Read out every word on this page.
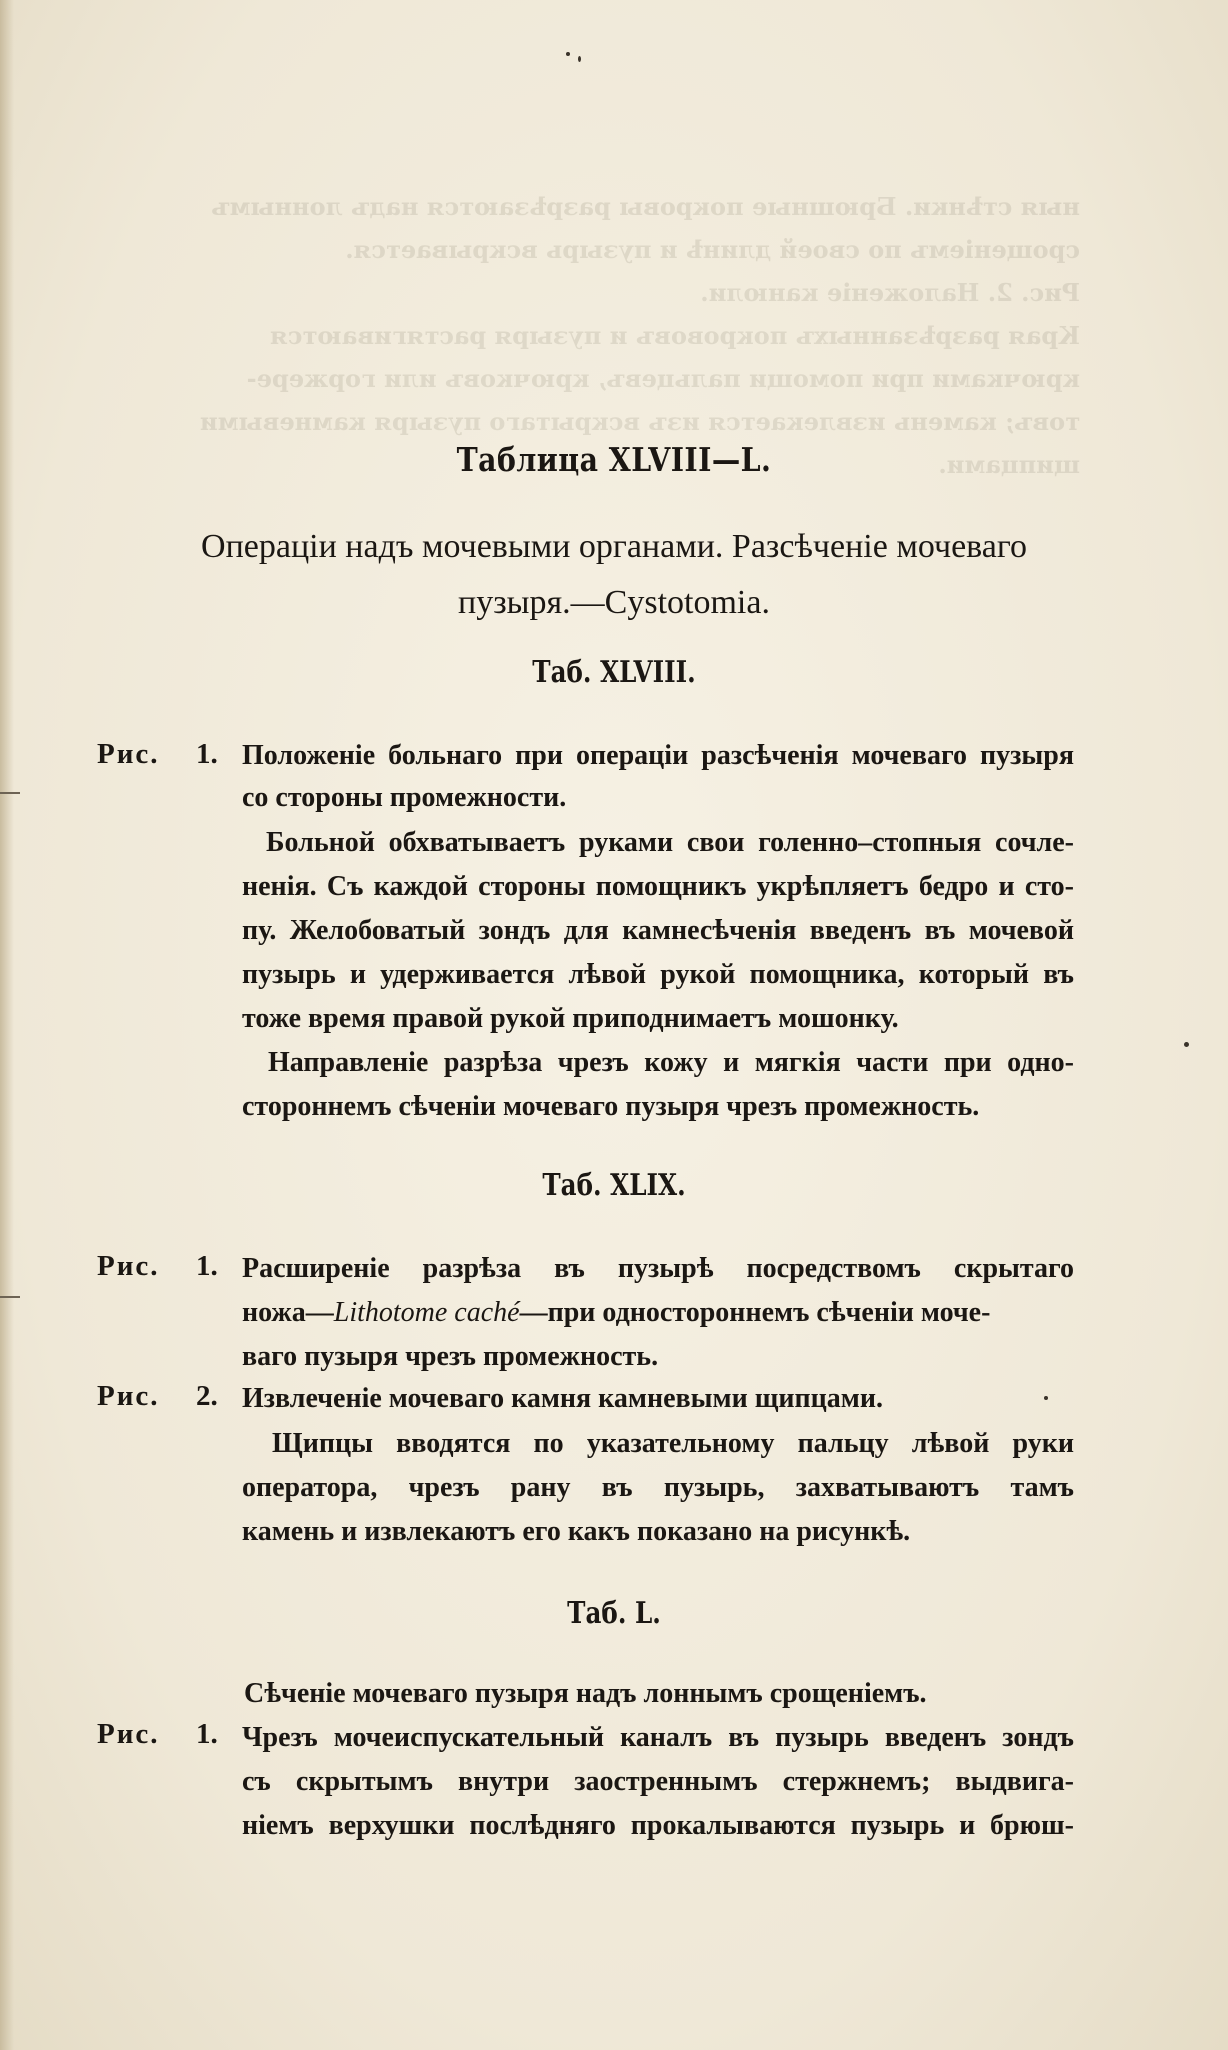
ныя стѣнки. Брюшные покровы разрѣзаются надъ лоннымъ
срощеніемъ по своей длинѣ и пузырь вскрывается.
Рис. 2. Наложеніе канюли.
Края разрѣзанныхъ покрововъ и пузыря растягиваются
крючками при помощи пальцевъ, крючковъ или горжере-
товъ; камень извлекается изъ вскрытаго пузыря камневыми
щипцами.
Таблица XLVIII—L.
Операціи надъ мочевыми органами. Разсѣченіе мочеваго
пузыря.—Cystotomia.
Таб. XLVIII.
Рис. 1. Положеніе больнаго при операціи разсѣченія мочеваго пузыря
со стороны промежности.
Больной обхватываетъ руками свои голенно–стопныя сочле-
ненія. Съ каждой стороны помощникъ укрѣпляетъ бедро и сто-
пу. Желобоватый зондъ для камнесѣченія введенъ въ мочевой
пузырь и удерживается лѣвой рукой помощника, который въ
тоже время правой рукой приподнимаетъ мошонку.
Направленіе разрѣза чрезъ кожу и мягкія части при одно-
стороннемъ сѣченіи мочеваго пузыря чрезъ промежность.
Таб. XLIX.
Рис. 1. Расширеніе разрѣза въ пузырѣ посредствомъ скрытаго
ножа—Lithotome caché—при одностороннемъ сѣченіи моче-
ваго пузыря чрезъ промежность.
Рис. 2. Извлеченіе мочеваго камня камневыми щипцами.
Щипцы вводятся по указательному пальцу лѣвой руки
оператора, чрезъ рану въ пузырь, захватываютъ тамъ
камень и извлекаютъ его какъ показано на рисункѣ.
Таб. L.
Сѣченіе мочеваго пузыря надъ лоннымъ срощеніемъ.
Рис. 1. Чрезъ мочеиспускательный каналъ въ пузырь введенъ зондъ
съ скрытымъ внутри заостреннымъ стержнемъ; выдвига-
ніемъ верхушки послѣдняго прокалываются пузырь и брюш-
